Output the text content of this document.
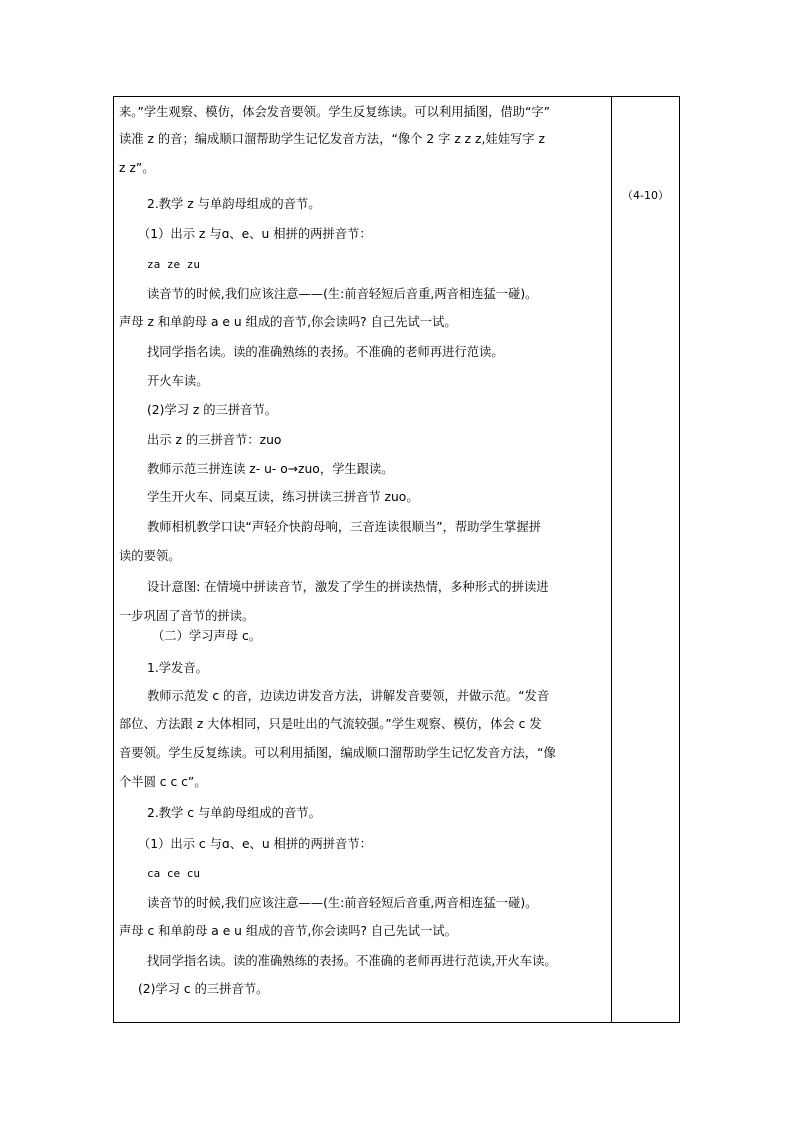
来。”学生观察、模仿，体会发音要领。学生反复练读。可以利用插图，借助“字”
读准 z 的音；编成顺口溜帮助学生记忆发音方法，“像个 2 字 z z z,娃娃写字 z
z z”。
2.教学 z 与单韵母组成的音节。
（1）出示 z 与ɑ、e、u 相拼的两拼音节：
za ze zu
读音节的时候,我们应该注意——(生:前音轻短后音重,两音相连猛一碰)。
声母 z 和单韵母 a e u 组成的音节,你会读吗? 自己先试一试。
找同学指名读。读的准确熟练的表扬。不准确的老师再进行范读。
开火车读。
(2)学习 z 的三拼音节。
出示 z 的三拼音节：zuo
教师示范三拼连读 z- u- o→zuo，学生跟读。
学生开火车、同桌互读，练习拼读三拼音节 zuo。
教师相机教学口诀“声轻介快韵母响，三音连读很顺当”，帮助学生掌握拼
读的要领。
设计意图: 在情境中拼读音节，激发了学生的拼读热情，多种形式的拼读进
一步巩固了音节的拼读。
（二）学习声母 c。
1.学发音。
教师示范发 c 的音，边读边讲发音方法，讲解发音要领，并做示范。“发音
部位、方法跟 z 大体相同，只是吐出的气流较强。”学生观察、模仿，体会 c 发
音要领。学生反复练读。可以利用插图，编成顺口溜帮助学生记忆发音方法，“像
个半圆 c c c”。
2.教学 c 与单韵母组成的音节。
（1）出示 c 与ɑ、e、u 相拼的两拼音节：
ca ce cu
读音节的时候,我们应该注意——(生:前音轻短后音重,两音相连猛一碰)。
声母 c 和单韵母 a e u 组成的音节,你会读吗? 自己先试一试。
找同学指名读。读的准确熟练的表扬。不准确的老师再进行范读,开火车读。
(2)学习 c 的三拼音节。
（4-10）
